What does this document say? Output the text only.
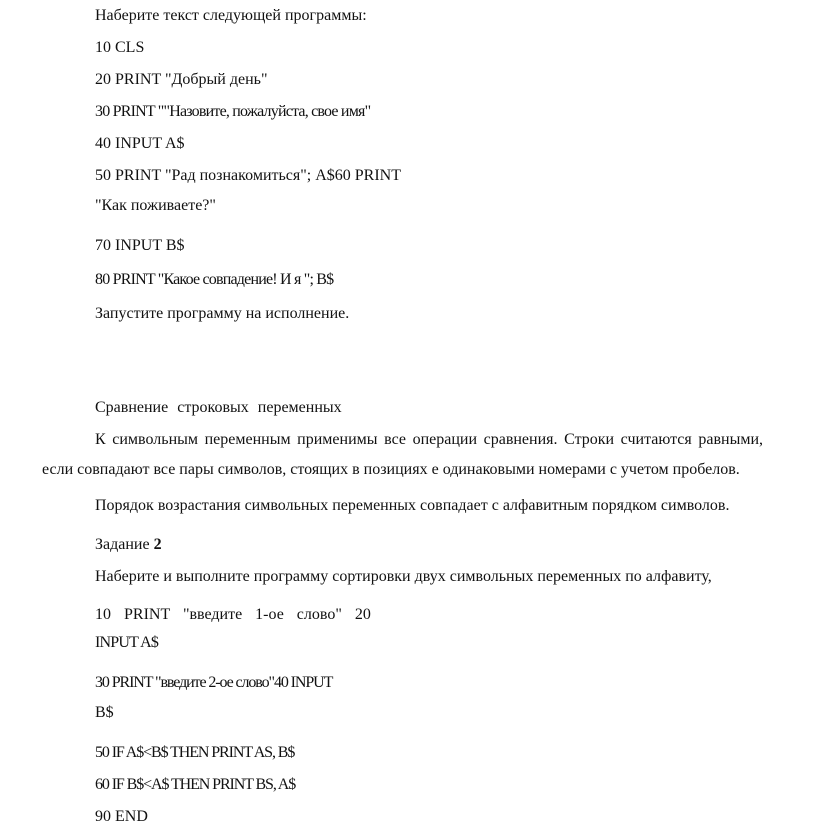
Наберите текст следующей программы:
10 CLS
20 PRINT "Добрый день"
30 PRINT ""Назовите, пожалуйста, свое имя"
40 INPUT A$
50 PRINT "Рад познакомиться"; A$60 PRINT
"Как поживаете?"
70 INPUT B$
80 PRINT "Какое совпадение! И я "; B$
Запустите программу на исполнение.
Сравнение строковых переменных
К символьным переменным применимы все операции сравнения. Строки считаются равными,
если совпадают все пары символов, стоящих в позициях е одинаковыми номерами с учетом пробелов.
Порядок возрастания символьных переменных совпадает с алфавитным порядком символов.
Задание 2
Наберите и выполните программу сортировки двух символьных переменных по алфавиту,
10 PRINT "введите 1-ое слово" 20
INPUT A$
30 PRINT "введите 2-ое слово"40 INPUT
B$
50 IF A$<B$ THEN PRINT AS, B$
60 IF B$<A$ THEN PRINT BS, A$
90 END
